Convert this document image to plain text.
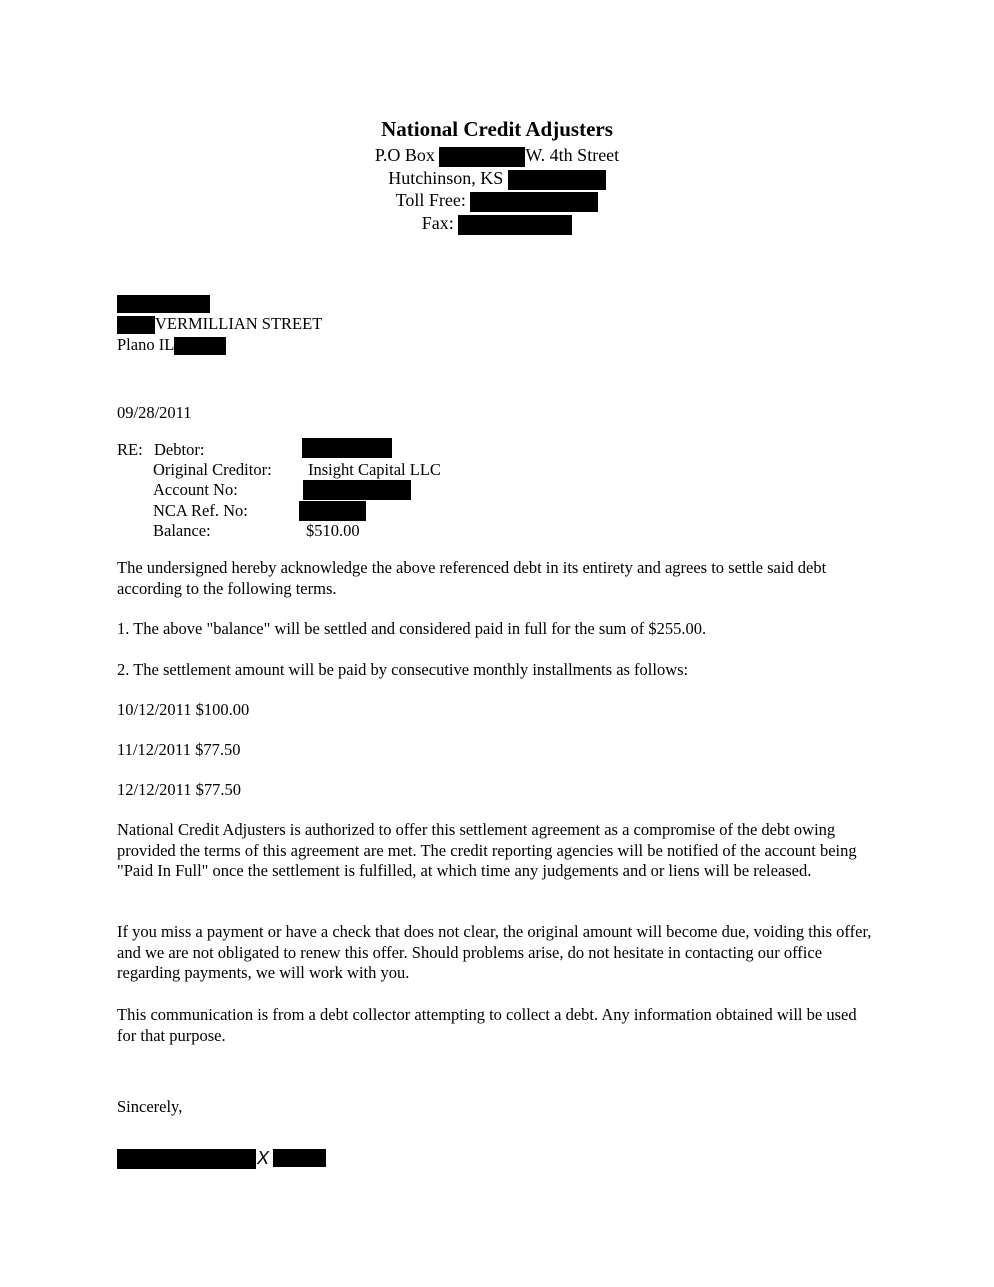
National Credit Adjusters
P.O Box	W. 4th Street
Hutchinson, KS
Toll Free:
Fax:
VERMILLIAN STREET
Plano IL
09/28/2011
RE: Debtor:
Original Creditor: Insight Capital LLC
Account No:
NCA Ref. No:
Balance:	$510.00
The undersigned hereby acknowledge the above referenced debt in its entirety and agrees to settle said debt according to the following terms.
1. The above "balance" will be settled and considered paid in full for the sum of $255.00.
2. The settlement amount will be paid by consecutive monthly installments as follows:
10/12/2011 $100.00
11/12/2011 $77.50
12/12/2011 $77.50
National Credit Adjusters is authorized to offer this settlement agreement as a compromise of the debt owing provided the terms of this agreement are met. The credit reporting agencies will be notified of the account being "Paid In Full" once the settlement is fulfilled, at which time any judgements and or liens will be released.
If you miss a payment or have a check that does not clear, the original amount will become due, voiding this offer, and we are not obligated to renew this offer. Should problems arise, do not hesitate in contacting our office regarding payments, we will work with you.
This communication is from a debt collector attempting to collect a debt. Any information obtained will be used for that purpose.
Sincerely,
X
